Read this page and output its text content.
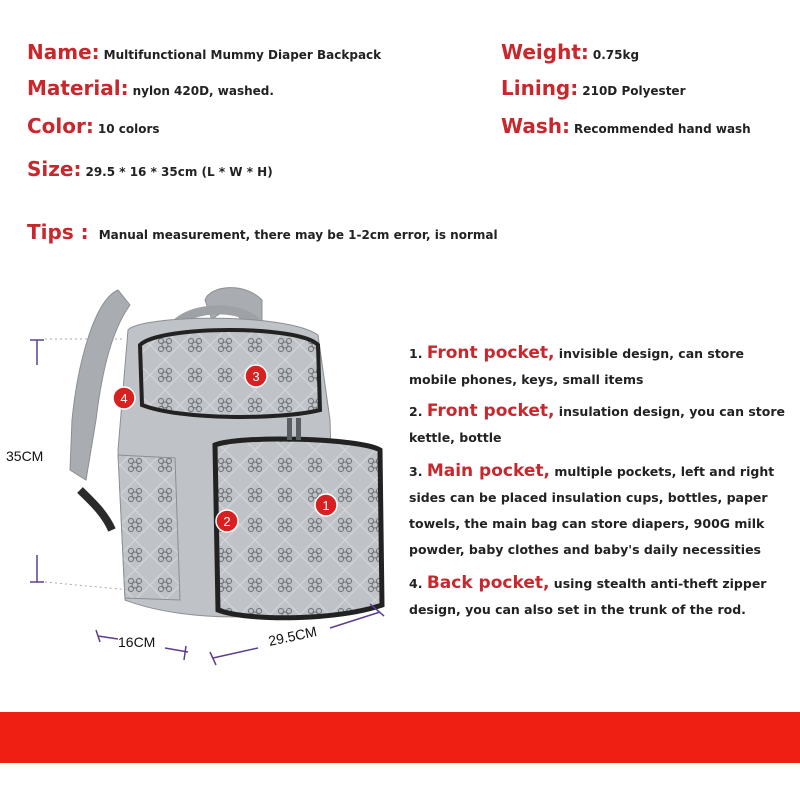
Name: Multifunctional Mummy Diaper Backpack
Material: nylon 420D, washed.
Color: 10 colors
Size: 29.5 * 16 * 35cm (L * W * H)
Weight: 0.75kg
Lining: 210D Polyester
Wash: Recommended hand wash
Tips : Manual measurement, there may be 1-2cm error, is normal
1
2
3
4
35CM
16CM	29.5CM
1. Front pocket, invisible design, can store mobile phones, keys, small items
2. Front pocket, insulation design, you can store kettle, bottle
3. Main pocket, multiple pockets, left and right sides can be placed insulation cups, bottles, paper towels, the main bag can store diapers, 900G milk powder, baby clothes and baby's daily necessities
4. Back pocket, using stealth anti-theft zipper design, you can also set in the trunk of the rod.
